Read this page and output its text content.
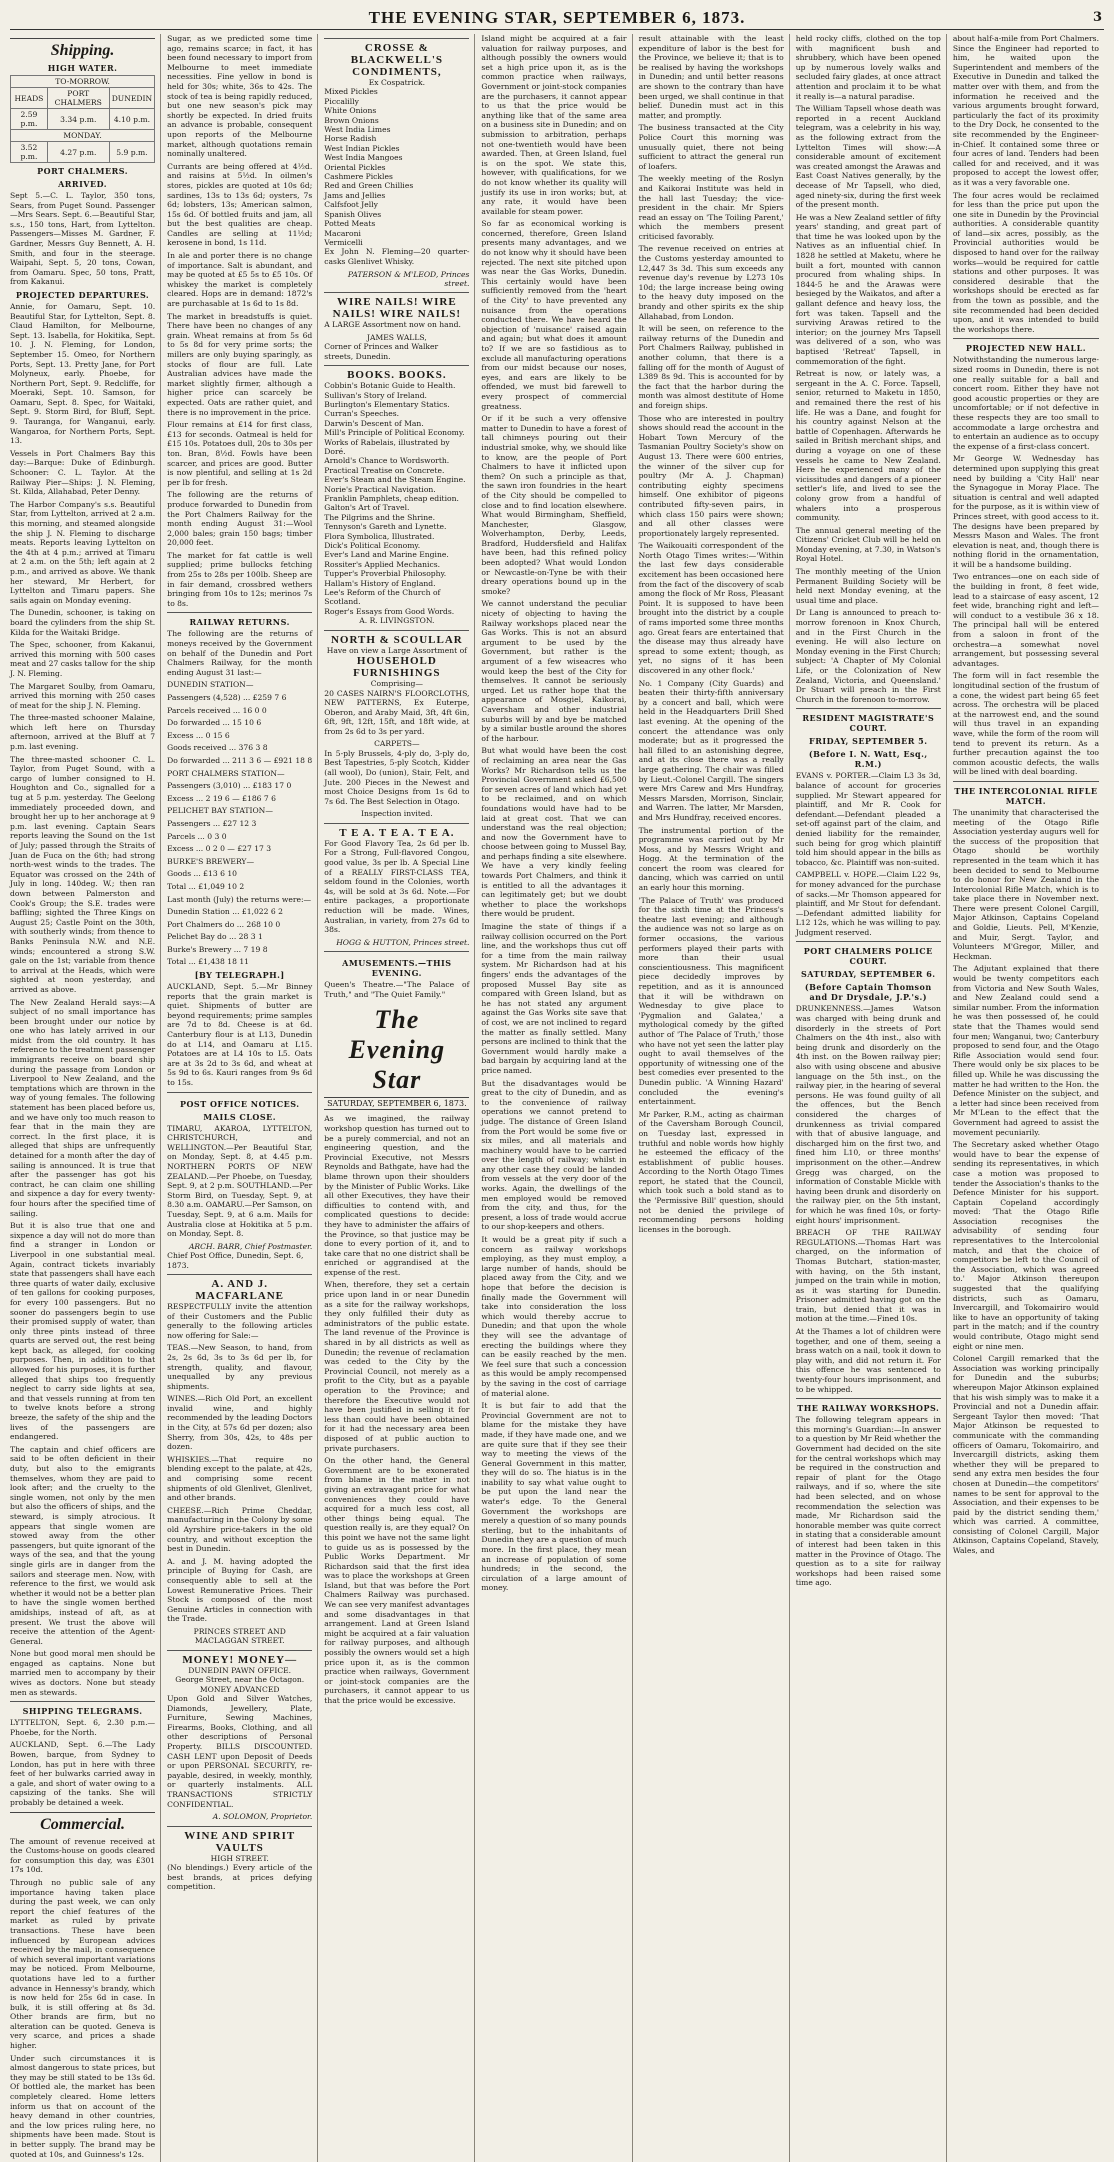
THE EVENING STAR, SEPTEMBER 6, 1873.	3
Shipping.
HIGH WATER.
TO-MORROW.		
HEADS	PORT CHALMERS	DUNEDIN
2.59 p.m.	3.34 p.m.	4.10 p.m.
MONDAY.		
3.52 p.m.	4.27 p.m.	5.9 p.m.
PORT CHALMERS.
ARRIVED.
Sept 5.—C. L. Taylor, 350 tons, Sears, from Puget Sound. Passenger—Mrs Sears. Sept. 6.—Beautiful Star, s.s., 150 tons, Hart, from Lyttelton. Passengers—Misses M. Gardner, F. Gardner, Messrs Guy Bennett, A. H. Smith, and four in the steerage. Waipahi, Sept. 5, 20 tons, Cowan, from Oamaru. Spec, 50 tons, Pratt, from Kakanui.
PROJECTED DEPARTURES.
Annie, for Oamaru, Sept. 10. Beautiful Star, for Lyttelton, Sept. 8. Claud Hamilton, for Melbourne, Sept. 13. Isabella, for Hokitika, Sept. 10. J. N. Fleming, for London, September 15. Omeo, for Northern Ports, Sept. 13. Pretty Jane, for Port Molyneux, early. Phoebe, for Northern Port, Sept. 9. Redcliffe, for Moeraki, Sept. 10. Samson, for Oamaru, Sept. 8. Spec, for Waitaki, Sept. 9. Storm Bird, for Bluff, Sept. 9. Tauranga, for Wanganui, early. Wangaroa, for Northern Ports, Sept. 13.
Vessels in Port Chalmers Bay this day:—Barque: Duke of Edinburgh. Schooner: C. L. Taylor. At the Railway Pier—Ships: J. N. Fleming, St. Kilda, Allahabad, Peter Denny.
The Harbor Company's s.s. Beautiful Star, from Lyttelton, arrived at 2 a.m. this morning, and steamed alongside the ship J. N. Fleming to discharge meats. Reports leaving Lyttelton on the 4th at 4 p.m.; arrived at Timaru at 2 a.m. on the 5th; left again at 2 p.m., and arrived as above. We thank her steward, Mr Herbert, for Lyttelton and Timaru papers. She sails again on Monday evening.
The Dunedin, schooner, is taking on board the cylinders from the ship St. Kilda for the Waitaki Bridge.
The Spec, schooner, from Kakanui, arrived this morning with 500 cases meat and 27 casks tallow for the ship J. N. Fleming.
The Margaret Soulby, from Oamaru, arrived this morning with 250 cases of meat for the ship J. N. Fleming.
The three-masted schooner Malaine, which left here on Thursday afternoon, arrived at the Bluff at 7 p.m. last evening.
The three-masted schooner C. L. Taylor, from Puget Sound, with a cargo of lumber consigned to H. Houghton and Co., signalled for a tug at 5 p.m. yesterday. The Geelong immediately proceeded down, and brought her up to her anchorage at 9 p.m. last evening. Captain Sears reports leaving the Sound on the 1st of July; passed through the Straits of Juan de Fuca on the 6th; had strong north-west winds to the trades. The Equator was crossed on the 24th of July in long. 140deg. W.; then ran down between Palmerston and Cook's Group; the S.E. trades were baffling; sighted the Three Kings on August 25; Castle Point on the 30th, with southerly winds; from thence to Banks Peninsula N.W. and N.E. winds; encountered a strong S.W. gale on the 1st; variable from thence to arrival at the Heads, which were sighted at noon yesterday, and arrived as above.
The New Zealand Herald says:—A subject of no small importance has been brought under our notice by one who has lately arrived in our midst from the old country. It has reference to the treatment passenger immigrants receive on board ship during the passage from London or Liverpool to New Zealand, and the temptations which are thrown in the way of young females. The following statement has been placed before us, and we have only too much reason to fear that in the main they are correct. In the first place, it is alleged that ships are unfrequently detained for a month after the day of sailing is announced. It is true that after the passenger has got his contract, he can claim one shilling and sixpence a day for every twenty-four hours after the specified time of sailing.
But it is also true that one and sixpence a day will not do more than find a stranger in London or Liverpool in one substantial meal. Again, contract tickets invariably state that passengers shall have each three quarts of water daily, exclusive of ten gallons for cooking purposes, for every 100 passengers. But no sooner do passengers begin to use their promised supply of water, than only three pints instead of three quarts are served out, the rest being kept back, as alleged, for cooking purposes. Then, in addition to that allowed for his purposes, it is further alleged that ships too frequently neglect to carry side lights at sea, and that vessels running at from ten to twelve knots before a strong breeze, the safety of the ship and the lives of the passengers are endangered.
The captain and chief officers are said to be often deficient in their duty, but also to the emigrants themselves, whom they are paid to look after; and the cruelty to the single women, not only by the men but also the officers of ships, and the steward, is simply atrocious. It appears that single women are stowed away from the other passengers, but quite ignorant of the ways of the sea, and that the young single girls are in danger from the sailors and steerage men. Now, with reference to the first, we would ask whether it would not be a better plan to have the single women berthed amidships, instead of aft, as at present. We trust the above will receive the attention of the Agent-General.
None but good moral men should be engaged as captains. None but married men to accompany by their wives as doctors. None but steady men as stewards.
SHIPPING TELEGRAMS.
LYTTELTON, Sept. 6, 2.30 p.m.—Phoebe, for the North.
AUCKLAND, Sept. 6.—The Lady Bowen, barque, from Sydney to London, has put in here with three feet of her bulwarks carried away in a gale, and short of water owing to a capsizing of the tanks. She will probably be detained a week.
Commercial.
The amount of revenue received at the Customs-house on goods cleared for consumption this day, was £301 17s 10d.
Through no public sale of any importance having taken place during the past week, we can only report the chief features of the market as ruled by private transactions. These have been influenced by European advices received by the mail, in consequence of which several important variations may be noticed. From Melbourne, quotations have led to a further advance in Hennessy's brandy, which is now held for 25s 6d in case. In bulk, it is still offering at 8s 3d. Other brands are firm, but no alteration can be quoted. Geneva is very scarce, and prices a shade higher.
Under such circumstances it is almost dangerous to state prices, but they may be still stated to be 13s 6d. Of bottled ale, the market has been completely cleared. Home letters inform us that on account of the heavy demand in other countries, and the low prices ruling here, no shipments have been made. Stout is in better supply. The brand may be quoted at 10s, and Guinness's 12s.
Sugar, as we predicted some time ago, remains scarce; in fact, it has been found necessary to import from Melbourne to meet immediate necessities. Fine yellow in bond is held for 30s; white, 36s to 42s. The stock of tea is being rapidly reduced, but one new season's pick may shortly be expected. In dried fruits an advance is probable, consequent upon reports of the Melbourne market, although quotations remain nominally unaltered.
Currants are being offered at 4½d. and raisins at 5½d. In oilmen's stores, pickles are quoted at 10s 6d; sardines, 13s to 13s 6d; oysters, 7s 6d; lobsters, 13s; American salmon, 15s 6d. Of bottled fruits and jam, all but the best qualities are cheap. Candles are selling at 11½d; kerosene in bond, 1s 11d.
In ale and porter there is no change of importance. Salt is abundant, and may be quoted at £5 5s to £5 10s. Of whiskey the market is completely cleared. Hops are in demand: 1872's are purchasable at 1s 6d to 1s 8d.
The market in breadstuffs is quiet. There have been no changes of any grain. Wheat remains at from 5s 6d to 5s 8d for very prime sorts; the millers are only buying sparingly, as stocks of flour are full. Late Australian advices have made the market slightly firmer, although a higher price can scarcely be expected. Oats are rather quiet, and there is no improvement in the price.
Flour remains at £14 for first class, £13 for seconds. Oatmeal is held for £15 10s. Potatoes dull, 20s to 30s per ton. Bran, 8½d. Fowls have been scarcer, and prices are good. Butter is now plentiful, and selling at 1s 2d per lb for fresh.
The following are the returns of produce forwarded to Dunedin from the Port Chalmers Railway for the month ending August 31:—Wool 2,000 bales; grain 150 bags; timber 20,000 feet.
The market for fat cattle is well supplied; prime bullocks fetching from 25s to 28s per 100lb. Sheep are in fair demand, crossbred wethers bringing from 10s to 12s; merinos 7s to 8s.
RAILWAY RETURNS.
The following are the returns of moneys received by the Government on behalf of the Dunedin and Port Chalmers Railway, for the month ending August 31 last:—
DUNEDIN STATION—
Passengers (4,528) ... £259 7 6
Parcels received ... 16 0 0
Do forwarded ... 15 10 6
Excess ... 0 15 6
Goods received ... 376 3 8
Do forwarded ... 211 3 6 — £921 18 8
PORT CHALMERS STATION—
Passengers (3,010) ... £183 17 0
Excess ... 2 19 6 — £186 7 6
PELICHET BAY STATION—
Passengers ... £27 12 3
Parcels ... 0 3 0
Excess ... 0 2 0 — £27 17 3
BURKE'S BREWERY—
Goods ... £13 6 10
Total ... £1,049 10 2
Last month (July) the returns were:—
Dunedin Station ... £1,022 6 2
Port Chalmers do ... 268 10 0
Pelichet Bay do ... 28 3 1
Burke's Brewery ... 7 19 8
Total ... £1,438 18 11
[BY TELEGRAPH.]
AUCKLAND, Sept. 5.—Mr Binney reports that the grain market is quiet. Shipments of butter are beyond requirements; prime samples are 7d to 8d. Cheese is at 6d. Canterbury flour is at L13, Dunedin do at L14, and Oamaru at L15. Potatoes are at L4 10s to L5. Oats are at 3s 2d to 3s 6d, and wheat at 5s 9d to 6s. Kauri ranges from 9s 6d to 15s.
POST OFFICE NOTICES.
MAILS CLOSE.
TIMARU, AKAROA, LYTTELTON, CHRISTCHURCH, and WELLINGTON.—Per Beautiful Star, on Monday, Sept. 8, at 4.45 p.m. NORTHERN PORTS OF NEW ZEALAND.—Per Phoebe, on Tuesday, Sept. 9, at 2 p.m. SOUTHLAND.—Per Storm Bird, on Tuesday, Sept. 9, at 8.30 a.m. OAMARU.—Per Samson, on Tuesday, Sept. 9, at 6 a.m. Mails for Australia close at Hokitika at 5 p.m. on Monday, Sept. 8.
ARCH. BARR, Chief Postmaster.
Chief Post Office, Dunedin, Sept. 6, 1873.
A. AND J. MACFARLANE
RESPECTFULLY invite the attention of their Customers and the Public generally to the following articles now offering for Sale:—
TEAS.—New Season, to hand, from 2s, 2s 6d, 3s to 3s 6d per lb, for strength, quality, and flavour, unequalled by any previous shipments.
WINES.—Rich Old Port, an excellent invalid wine, and highly recommended by the leading Doctors in the City, at 57s 6d per dozen; also Sherry, from 30s, 42s, to 48s per dozen.
WHISKIES.—That require no blending except to the palate, at 42s, and comprising some recent shipments of old Glenlivet, Glenlivet, and other brands.
CHEESE.—Rich Prime Cheddar, manufacturing in the Colony by some old Ayrshire price-takers in the old country, and without exception the best in Dunedin.
A. and J. M. having adopted the principle of Buying for Cash, are consequently able to sell at the Lowest Remunerative Prices. Their Stock is composed of the most Genuine Articles in connection with the Trade.
PRINCES STREET AND MACLAGGAN STREET.
MONEY! MONEY—
DUNEDIN PAWN OFFICE.
George Street, near the Octagon.
MONEY ADVANCED
Upon Gold and Silver Watches, Diamonds, Jewellery, Plate, Furniture, Sewing Machines, Firearms, Books, Clothing, and all other descriptions of Personal Property. BILLS DISCOUNTED. CASH LENT upon Deposit of Deeds or upon PERSONAL SECURITY, re-payable, desired, in weekly, monthly, or quarterly instalments. ALL TRANSACTIONS STRICTLY CONFIDENTIAL.
A. SOLOMON, Proprietor.
WINE AND SPIRIT VAULTS
HIGH STREET.
(No blendings.) Every article of the best brands, at prices defying competition.
CROSSE & BLACKWELL'S CONDIMENTS,
Ex Cospatrick.
Mixed Pickles
Piccalilly
White Onions
Brown Onions
West India Limes
Horse Radish
West Indian Pickles
West India Mangoes
Oriental Pickles
Cashmere Pickles
Red and Green Chillies
Jams and Jellies
Calfsfoot Jelly
Spanish Olives
Potted Meats
Macaroni
Vermicelli
Ex John N. Fleming—20 quarter-casks Glenlivet Whisky.
PATERSON & M'LEOD, Princes street.
WIRE NAILS! WIRE NAILS! WIRE NAILS!
A LARGE Assortment now on hand.
JAMES WALLS,
Corner of Princes and Walker streets, Dunedin.
BOOKS. BOOKS.
Cobbin's Botanic Guide to Health.
Sullivan's Story of Ireland.
Burlington's Elementary Statics.
Curran's Speeches.
Darwin's Descent of Man.
Mill's Principle of Political Economy.
Works of Rabelais, illustrated by Doré.
Arnold's Chance to Wordsworth.
Practical Treatise on Concrete.
Ever's Steam and the Steam Engine.
Norie's Practical Navigation.
Franklin Pamphlets, cheap edition.
Galton's Art of Travel.
The Pilgrims and the Shrine.
Tennyson's Gareth and Lynette.
Flora Symbolica, Illustrated.
Dick's Political Economy.
Ever's Land and Marine Engine.
Rossiter's Applied Mechanics.
Tupper's Proverbial Philosophy.
Hallam's History of England.
Lee's Reform of the Church of Scotland.
Roger's Essays from Good Words.
A. R. LIVINGSTON.
NORTH & SCOULLAR
Have on view a Large Assortment of
HOUSEHOLD FURNISHINGS
Comprising—
20 CASES NAIRN'S FLOORCLOTHS, NEW PATTERNS, Ex Euterpe, Oberon, and Araby Maid, 3ft, 4ft 6in, 6ft, 9ft, 12ft, 15ft, and 18ft wide, at from 2s 6d to 3s per yard.
CARPETS—
In 5-ply Brussels, 4-ply do, 3-ply do, Best Tapestries, 5-ply Scotch, Kidder (all wool), Do (union), Stair, Felt, and Jute. 200 Pieces in the Newest and most Choice Designs from 1s 6d to 7s 6d. The Best Selection in Otago.
Inspection invited.
T E A. T E A. T E A.
For Good Flavory Tea, 2s 6d per lb. For a Strong, Full-flavored Congou, good value, 3s per lb. A Special Line of a REALLY FIRST-CLASS TEA, seldom found in the Colonies, worth 4s, will be sold at 3s 6d. Note.—For entire packages, a proportionate reduction will be made. Wines, Australian, in variety, from 27s 6d to 38s.
HOGG & HUTTON, Princes street.
AMUSEMENTS.—THIS EVENING.
Queen's Theatre.—"The Palace of Truth," and "The Quiet Family."
The Evening Star
SATURDAY, SEPTEMBER 6, 1873.
As we imagined, the railway workshop question has turned out to be a purely commercial, and not an engineering question, and the Provincial Executive, not Messrs Reynolds and Bathgate, have had the blame thrown upon their shoulders by the Minister of Public Works. Like all other Executives, they have their difficulties to contend with, and complicated questions to decide: they have to administer the affairs of the Province, so that justice may be done to every portion of it, and to take care that no one district shall be enriched or aggrandised at the expense of the rest.
When, therefore, they set a certain price upon land in or near Dunedin as a site for the railway workshops, they only fulfilled their duty as administrators of the public estate. The land revenue of the Province is shared in by all districts as well as Dunedin; the revenue of reclamation was ceded to the City by the Provincial Council, not merely as a profit to the City, but as a payable operation to the Province; and therefore the Executive would not have been justified in selling it for less than could have been obtained for it had the necessary area been disposed of at public auction to private purchasers.
On the other hand, the General Government are to be exonerated from blame in the matter in not giving an extravagant price for what conveniences they could have acquired for a much less cost, all other things being equal. The question really is, are they equal? On this point we have not the same light to guide us as is possessed by the Public Works Department. Mr Richardson said that the first idea was to place the workshops at Green Island, but that was before the Port Chalmers Railway was purchased. We can see very manifest advantages and some disadvantages in that arrangement. Land at Green Island might be acquired at a fair valuation for railway purposes, and although possibly the owners would set a high price upon it, as is the common practice when railways, Government or joint-stock companies are the purchasers, it cannot appear to us that the price would be excessive.
Island might be acquired at a fair valuation for railway purposes, and although possibly the owners would set a high price upon it, as is the common practice when railways, Government or joint-stock companies are the purchasers, it cannot appear to us that the price would be anything like that of the same area on a business site in Dunedin; and on submission to arbitration, perhaps not one-twentieth would have been awarded. Then, at Green Island, fuel is on the spot. We state this, however, with qualifications, for we do not know whether its quality will justify its use in iron works; but, at any rate, it would have been available for steam power.
So far as economical working is concerned, therefore, Green Island presents many advantages, and we do not know why it should have been rejected. The next site pitched upon was near the Gas Works, Dunedin. This certainly would have been sufficiently removed from the 'heart of the City' to have prevented any nuisance from the operations conducted there. We have heard the objection of 'nuisance' raised again and again; but what does it amount to? If we are so fastidious as to exclude all manufacturing operations from our midst because our noses, eyes, and ears are likely to be offended, we must bid farewell to every prospect of commercial greatness.
Or if it be such a very offensive matter to Dunedin to have a forest of tall chimneys pouring out their industrial smoke, why, we should like to know, are the people of Port Chalmers to have it inflicted upon them? On such a principle as that, the sawn iron foundries in the heart of the City should be compelled to close and to find location elsewhere. What would Birmingham, Sheffield, Manchester, Glasgow, Wolverhampton, Derby, Leeds, Bradford, Huddersfield and Halifax have been, had this refined policy been adopted? What would London or Newcastle-on-Tyne be with their dreary operations bound up in the smoke?
We cannot understand the peculiar nicety of objecting to having the Railway workshops placed near the Gas Works. This is not an absurd argument to be used by the Government, but rather is the argument of a few wiseacres who would keep the best of the City for themselves. It cannot be seriously urged. Let us rather hope that the appearance of Mosgiel, Kaikorai, Caversham and other industrial suburbs will by and bye be matched by a similar bustle around the shores of the harbour.
But what would have been the cost of reclaiming an area near the Gas Works? Mr Richardson tells us the Provincial Government asked £6,500 for seven acres of land which had yet to be reclaimed, and on which foundations would have had to be laid at great cost. That we can understand was the real objection; and now the Government have to choose between going to Mussel Bay, and perhaps finding a site elsewhere. We have a very kindly feeling towards Port Chalmers, and think it is entitled to all the advantages it can legitimately get; but we doubt whether to place the workshops there would be prudent.
Imagine the state of things if a railway collision occurred on the Port line, and the workshops thus cut off for a time from the main railway system. Mr Richardson had at his fingers' ends the advantages of the proposed Mussel Bay site as compared with Green Island, but as he has not stated any argument against the Gas Works site save that of cost, we are not inclined to regard the matter as finally settled. Many persons are inclined to think that the Government would hardly make a bad bargain by acquiring land at the price named.
But the disadvantages would be great to the city of Dunedin, and as to the convenience of railway operations we cannot pretend to judge. The distance of Green Island from the Port would be some five or six miles, and all materials and machinery would have to be carried over the length of railway; whilst in any other case they could be landed from vessels at the very door of the works. Again, the dwellings of the men employed would be removed from the city, and thus, for the present, a loss of trade would accrue to our shop-keepers and others.
It would be a great pity if such a concern as railway workshops employing, as they must employ, a large number of hands, should be placed away from the City, and we hope that before the decision is finally made the Government will take into consideration the loss which would thereby accrue to Dunedin; and that upon the whole they will see the advantage of erecting the buildings where they can be easily reached by the men. We feel sure that such a concession as this would be amply recompensed by the saving in the cost of carriage of material alone.
It is but fair to add that the Provincial Government are not to blame for the mistake they have made, if they have made one, and we are quite sure that if they see their way to meeting the views of the General Government in this matter, they will do so. The hiatus is in the inability to say what value ought to be put upon the land near the water's edge. To the General Government the workshops are merely a question of so many pounds sterling, but to the inhabitants of Dunedin they are a question of much more. In the first place, they mean an increase of population of some hundreds; in the second, the circulation of a large amount of money.
result attainable with the least expenditure of labor is the best for the Province, we believe it; that is to be realised by having the workshops in Dunedin; and until better reasons are shown to the contrary than have been urged, we shall continue in that belief. Dunedin must act in this matter, and promptly.
The business transacted at the City Police Court this morning was unusually quiet, there not being sufficient to attract the general run of loafers.
The weekly meeting of the Roslyn and Kaikorai Institute was held in the hall last Tuesday; the vice-president in the chair. Mr Spiers read an essay on 'The Toiling Parent,' which the members present criticised favorably.
The revenue received on entries at the Customs yesterday amounted to L2,447 3s 3d. This sum exceeds any revenue day's revenue by L273 10s 10d; the large increase being owing to the heavy duty imposed on the brandy and other spirits ex the ship Allahabad, from London.
It will be seen, on reference to the railway returns of the Dunedin and Port Chalmers Railway, published in another column, that there is a falling off for the month of August of L389 8s 9d. This is accounted for by the fact that the harbor during the month was almost destitute of Home and foreign ships.
Those who are interested in poultry shows should read the account in the Hobart Town Mercury of the Tasmanian Poultry Society's show on August 13. There were 600 entries, the winner of the silver cup for poultry (Mr A. J. Chapman) contributing eighty specimens himself. One exhibitor of pigeons contributed fifty-seven pairs, in which class 150 pairs were shown; and all other classes were proportionately largely represented.
The Waikouaiti correspondent of the North Otago Times writes:—'Within the last few days considerable excitement has been occasioned here from the fact of the discovery of scab among the flock of Mr Ross, Pleasant Point. It is supposed to have been brought into the district by a couple of rams imported some three months ago. Great fears are entertained that the disease may thus already have spread to some extent; though, as yet, no signs of it has been discovered in any other flock.'
No. 1 Company (City Guards) and beaten their thirty-fifth anniversary by a concert and ball, which were held in the Headquarters Drill Shed last evening. At the opening of the concert the attendance was only moderate; but as it progressed the hall filled to an astonishing degree, and at its close there was a really large gathering. The chair was filled by Lieut.-Colonel Cargill. The singers were Mrs Carew and Mrs Hundfray, Messrs Marsden, Morrison, Sinclair, and Warren. The latter, Mr Marsden, and Mrs Hundfray, received encores.
The instrumental portion of the programme was carried out by Mr Moss, and by Messrs Wright and Hogg. At the termination of the concert the room was cleared for dancing, which was carried on until an early hour this morning.
'The Palace of Truth' was produced for the sixth time at the Princess's theatre last evening; and although the audience was not so large as on former occasions, the various performers played their parts with more than their usual conscientiousness. This magnificent piece decidedly improves by repetition, and as it is announced that it will be withdrawn on Wednesday to give place to 'Pygmalion and Galatea,' a mythological comedy by the gifted author of 'The Palace of Truth,' those who have not yet seen the latter play ought to avail themselves of the opportunity of witnessing one of the best comedies ever presented to the Dunedin public. 'A Winning Hazard' concluded the evening's entertainment.
Mr Parker, R.M., acting as chairman of the Caversham Borough Council, on Tuesday last, expressed in truthful and noble words how highly he esteemed the efficacy of the establishment of public houses. According to the North Otago Times report, he stated that the Council, which took such a bold stand as to the 'Permissive Bill' question, should not be denied the privilege of recommending persons holding licenses in the borough.
held rocky cliffs, clothed on the top with magnificent bush and shrubbery, which have been opened up by numerous lovely walks and secluded fairy glades, at once attract attention and proclaim it to be what it really is—a natural paradise.
The William Tapsell whose death was reported in a recent Auckland telegram, was a celebrity in his way, as the following extract from the Lyttelton Times will show:—A considerable amount of excitement was created amongst the Arawas and East Coast Natives generally, by the decease of Mr Tapsell, who died, aged ninety-six, during the first week of the present month.
He was a New Zealand settler of fifty years' standing, and great part of that time he was looked upon by the Natives as an influential chief. In 1828 he settled at Maketu, where he built a fort, mounted with cannon procured from whaling ships. In 1844-5 he and the Arawas were besieged by the Waikatos, and after a gallant defence and heavy loss, the fort was taken. Tapsell and the surviving Arawas retired to the interior; on the journey Mrs Tapsell was delivered of a son, who was baptised 'Retreat' Tapsell, in commemoration of the fight.
Retreat is now, or lately was, a sergeant in the A. C. Force. Tapsell, senior, returned to Maketu in 1850, and remained there the rest of his life. He was a Dane, and fought for his country against Nelson at the battle of Copenhagen. Afterwards he sailed in British merchant ships, and during a voyage on one of these vessels he came to New Zealand. Here he experienced many of the vicissitudes and dangers of a pioneer settler's life, and lived to see the colony grow from a handful of whalers into a prosperous community.
The annual general meeting of the Citizens' Cricket Club will be held on Monday evening, at 7.30, in Watson's Royal Hotel.
The monthly meeting of the Union Permanent Building Society will be held next Monday evening, at the usual time and place.
Dr Lang is announced to preach to-morrow forenoon in Knox Church, and in the First Church in the evening. He will also lecture on Monday evening in the First Church; subject: 'A Chapter of My Colonial Life, or the Colonization of New Zealand, Victoria, and Queensland.' Dr Stuart will preach in the First Church in the forenoon to-morrow.
RESIDENT MAGISTRATE'S COURT.
FRIDAY, SEPTEMBER 5.
(Before I. N. Watt, Esq., R.M.)
EVANS v. PORTER.—Claim L3 3s 3d, balance of account for groceries supplied. Mr Stewart appeared for plaintiff, and Mr R. Cook for defendant.—Defendant pleaded a set-off against part of the claim, and denied liability for the remainder, such being for grog which plaintiff told him should appear in the bills as tobacco, &c. Plaintiff was non-suited.
CAMPBELL v. HOPE.—Claim L22 9s, for money advanced for the purchase of sacks.—Mr Thomson appeared for plaintiff, and Mr Stout for defendant.—Defendant admitted liability for L12 12s, which he was willing to pay. Judgment reserved.
PORT CHALMERS POLICE COURT.
SATURDAY, SEPTEMBER 6.
(Before Captain Thomson and Dr Drysdale, J.P.'s.)
DRUNKENNESS.—James Watson was charged with being drunk and disorderly in the streets of Port Chalmers on the 4th inst., also with being drunk and disorderly on the 4th inst. on the Bowen railway pier; also with using obscene and abusive language on the 5th inst., on the railway pier, in the hearing of several persons. He was found guilty of all the offences, but the Bench considered the charges of drunkenness as trivial compared with that of abusive language, and discharged him on the first two, and fined him L10, or three months' imprisonment on the other.—Andrew Gregg was charged, on the information of Constable Mickle with having been drunk and disorderly on the railway pier, on the 5th instant, for which he was fined 10s, or forty-eight hours' imprisonment.
BREACH OF THE RAILWAY REGULATIONS.—Thomas Hart was charged, on the information of Thomas Butchart, station-master, with having, on the 5th instant, jumped on the train while in motion, as it was starting for Dunedin. Prisoner admitted having got on the train, but denied that it was in motion at the time.—Fined 10s.
At the Thames a lot of children were together, and one of them, seeing a brass watch on a nail, took it down to play with, and did not return it. For this offence he was sentenced to twenty-four hours imprisonment, and to be whipped.
THE RAILWAY WORKSHOPS.
The following telegram appears in this morning's Guardian:—In answer to a question by Mr Reid whether the Government had decided on the site for the central workshops which may be required in the construction and repair of plant for the Otago railways, and if so, where the site had been selected, and on whose recommendation the selection was made, Mr Richardson said the honorable member was quite correct in stating that a considerable amount of interest had been taken in this matter in the Province of Otago. The question as to a site for railway workshops had been raised some time ago.
about half-a-mile from Port Chalmers. Since the Engineer had reported to him, he waited upon the Superintendent and members of the Executive in Dunedin and talked the matter over with them, and from the information he received and the various arguments brought forward, particularly the fact of its proximity to the Dry Dock, he consented to the site recommended by the Engineer-in-Chief. It contained some three or four acres of land. Tenders had been called for and received, and it was proposed to accept the lowest offer, as it was a very favorable one.
The four acres would be reclaimed for less than the price put upon the one site in Dunedin by the Provincial authorities. A considerable quantity of land—six acres, possibly, as the Provincial authorities would be disposed to hand over for the railway works—would be required for cattle stations and other purposes. It was considered desirable that the workshops should be erected as far from the town as possible, and the site recommended had been decided upon, and it was intended to build the workshops there.
PROJECTED NEW HALL.
Notwithstanding the numerous large-sized rooms in Dunedin, there is not one really suitable for a ball and concert room. Either they have not good acoustic properties or they are uncomfortable; or if not defective in these respects they are too small to accommodate a large orchestra and to entertain an audience as to occupy the expense of a first-class concert.
Mr George W. Wednesday has determined upon supplying this great need by building a 'City Hall' near the Synagogue in Moray Place. The situation is central and well adapted for the purpose, as it is within view of Princes street, with good access to it. The designs have been prepared by Messrs Mason and Wales. The front elevation is neat, and, though there is nothing florid in the ornamentation, it will be a handsome building.
Two entrances—one on each side of the building in front, 8 feet wide, lead to a staircase of easy ascent, 12 feet wide, branching right and left—will conduct to a vestibule 36 x 18. The principal hall will be entered from a saloon in front of the orchestra—a somewhat novel arrangement, but possessing several advantages.
The form will in fact resemble the longitudinal section of the frustum of a cone, the widest part being 65 feet across. The orchestra will be placed at the narrowest end, and the sound will thus travel in an expanding wave, while the form of the room will tend to prevent its return. As a further precaution against the too common acoustic defects, the walls will be lined with deal boarding.
THE INTERCOLONIAL RIFLE MATCH.
The unanimity that characterised the meeting of the Otago Rifle Association yesterday augurs well for the success of the proposition that Otago should be worthily represented in the team which it has been decided to send to Melbourne to do honor for New Zealand in the Intercolonial Rifle Match, which is to take place there in November next. There were present Colonel Cargill, Major Atkinson, Captains Copeland and Goldie, Lieuts. Pell, M'Kenzie, and Muir, Sergt. Taylor, and Volunteers M'Gregor, Miller, and Heckman.
The Adjutant explained that there would be twenty competitors each from Victoria and New South Wales, and New Zealand could send a similar number. From the information he was then possessed of, he could state that the Thames would send four men; Wanganui, two; Canterbury proposed to send four, and the Otago Rifle Association would send four. There would only be six places to be filled up. While he was discussing the matter he had written to the Hon. the Defence Minister on the subject, and a letter had since been received from Mr M'Lean to the effect that the Government had agreed to assist the movement pecuniarily.
The Secretary asked whether Otago would have to bear the expense of sending its representatives, in which case a motion was proposed to tender the Association's thanks to the Defence Minister for his support. Captain Copeland accordingly moved: 'That the Otago Rifle Association recognises the advisability of sending four representatives to the Intercolonial match, and that the choice of competitors be left to the Council of the Association, which was agreed to.' Major Atkinson thereupon suggested that the qualifying districts, such as Oamaru, Invercargill, and Tokomairiro would like to have an opportunity of taking part in the match; and if the country would contribute, Otago might send eight or nine men.
Colonel Cargill remarked that the Association was working principally for Dunedin and the suburbs; whereupon Major Atkinson explained that his wish simply was to make it a Provincial and not a Dunedin affair. Sergeant Taylor then moved: 'That Major Atkinson be requested to communicate with the commanding officers of Oamaru, Tokomairiro, and Invercargill districts, asking them whether they will be prepared to send any extra men besides the four chosen at Dunedin—the competitors' names to be sent for approval to the Association, and their expenses to be paid by the district sending them,' which was carried. A committee, consisting of Colonel Cargill, Major Atkinson, Captains Copeland, Stavely, Wales, and
